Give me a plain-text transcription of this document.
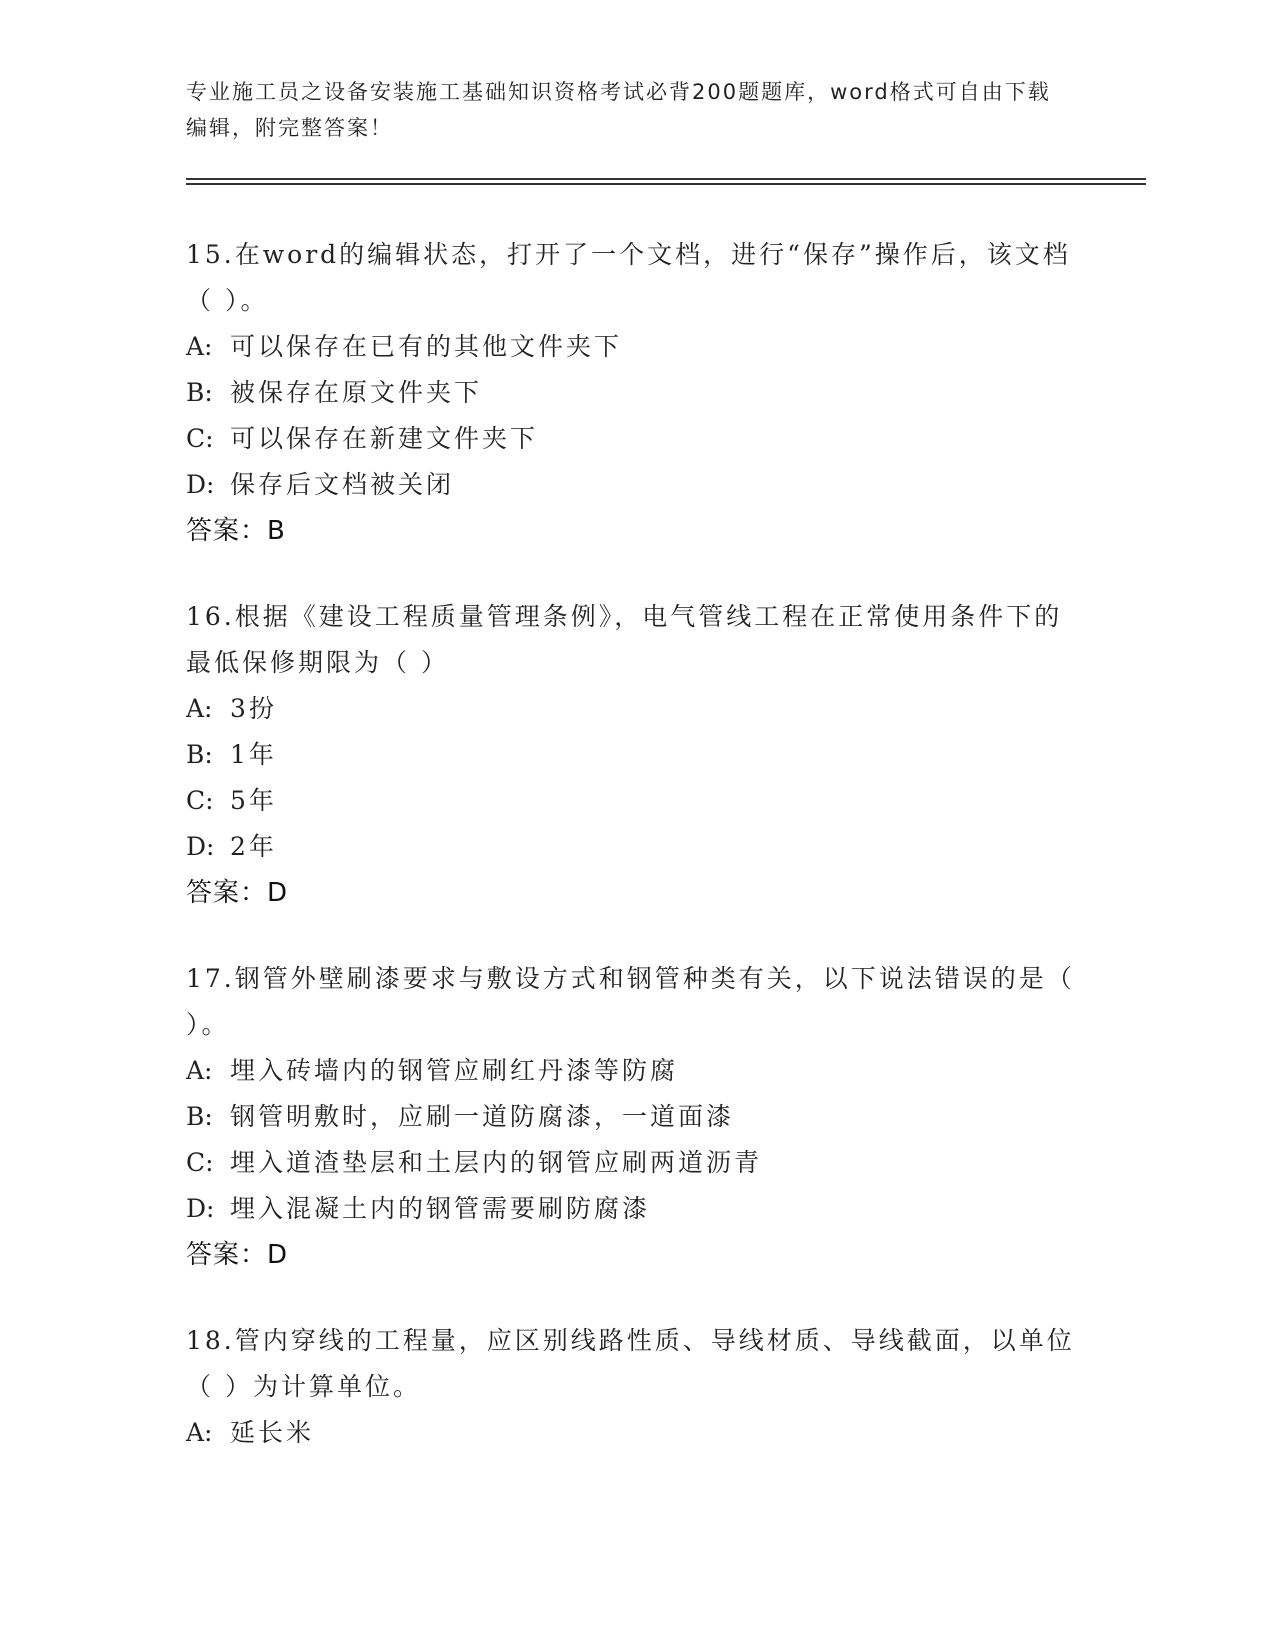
专业施工员之设备安装施工基础知识资格考试必背200题题库，word格式可自由下载编辑，附完整答案！

15.在word的编辑状态，打开了一个文档，进行“保存”操作后，该文档（ ）。

A: 可以保存在已有的其他文件夹下
B: 被保存在原文件夹下
C: 可以保存在新建文件夹下
D: 保存后文档被关闭
答案：B

16.根据《建设工程质量管理条例》，电气管线工程在正常使用条件下的最低保修期限为（ ）

A: 3扮
B: 1年
C: 5年
D: 2年
答案：D

17.钢管外壁刷漆要求与敷设方式和钢管种类有关，以下说法错误的是（ ）。

A: 埋入砖墙内的钢管应刷红丹漆等防腐
B: 钢管明敷时，应刷一道防腐漆，一道面漆
C: 埋入道渣垫层和土层内的钢管应刷两道沥青
D: 埋入混凝土内的钢管需要刷防腐漆
答案：D

18.管内穿线的工程量，应区别线路性质、导线材质、导线截面，以单位（ ）为计算单位。

A: 延长米
